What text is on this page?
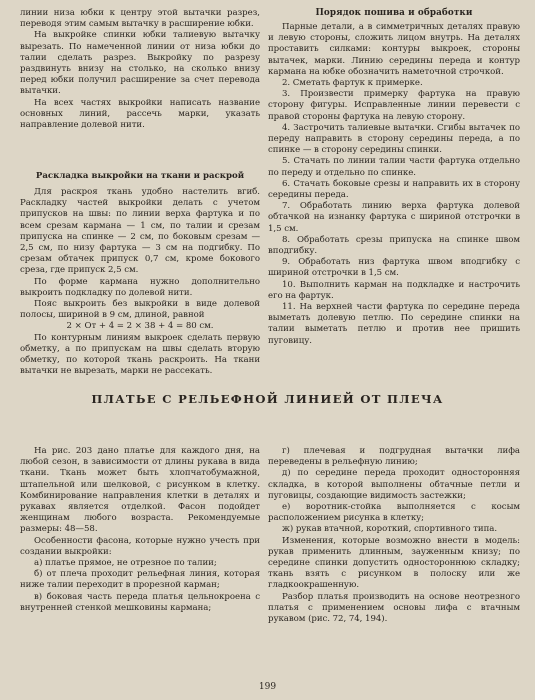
линии низа юбки к центру этой вытачки разрез, переводя этим самым вытачку в расширение юбки.

На выкройке спинки юбки талиевую вытачку вырезать. По намеченной линии от низа юбки до талии сделать разрез. Выкройку по разрезу раздвинуть внизу на столько, на сколько внизу перед юбки получил расширение за счет перевода вытачки.

На всех частях выкройки написать название основных линий, рассечь марки, указать направление долевой нити.

Раскладка выкройки на ткани и раскрой

Для раскроя ткань удобно настелить вгиб. Раскладку частей выкройки делать с учетом припусков на швы: по линии верха фартука и по всем срезам кармана — 1 см, по талии и срезам припуска на спинке — 2 см, по боковым срезам — 2,5 см, по низу фартука — 3 см на подгибку. По срезам обтачек припуск 0,7 см, кроме бокового среза, где припуск 2,5 см.

По форме кармана нужно дополнительно выкроить подкладку по долевой нити.

Пояс выкроить без выкройки в виде долевой полосы, шириной в 9 см, длиной, равной

2 × От + 4 = 2 × 38 + 4 = 80 см.

По контурным линиям выкроек сделать первую обметку, а по припускам на швы сделать вторую обметку, по которой ткань раскроить. На ткани вытачки не вырезать, марки не рассекать.

Порядок пошива и обработки

Парные детали, а в симметричных деталях правую и левую стороны, сложить лицом внутрь. На деталях проставить силками: контуры выкроек, стороны вытачек, марки. Линию середины переда и контур кармана на юбке обозначить наметочной строчкой.

2. Сметать фартук к примерке.

3. Произвести примерку фартука на правую сторону фигуры. Исправленные линии перевести с правой стороны фартука на левую сторону.

4. Застрочить талиевые вытачки. Сгибы вытачек по переду направить в сторону середины переда, а по спинке — в сторону середины спинки.

5. Стачать по линии талии части фартука отдельно по переду и отдельно по спинке.

6. Стачать боковые срезы и направить их в сторону середины переда.

7. Обработать линию верха фартука долевой обтачкой на изнанку фартука с шириной отстрочки в 1,5 см.

8. Обработать срезы припуска на спинке швом вподгибку.

9. Обработать низ фартука швом вподгибку с шириной отстрочки в 1,5 см.

10. Выполнить карман на подкладке и настрочить его на фартук.

11. На верхней части фартука по середине переда выметать долевую петлю. По середине спинки на талии выметать петлю и против нее пришить пуговицу.

ПЛАТЬЕ С РЕЛЬЕФНОЙ ЛИНИЕЙ ОТ ПЛЕЧА

На рис. 203 дано платье для каждого дня, на любой сезон, в зависимости от длины рукава в вида ткани. Ткань может быть хлопчатобумажной, штапельной или шелковой, с рисунком в клетку. Комбинирование направления клетки в деталях и рукавах является отделкой. Фасон подойдет женщинам любого возраста. Рекомендуемые размеры: 48—58.

Особенности фасона, которые нужно учесть при создании выкройки:

а) платье прямое, не отрезное по талии;

б) от плеча проходит рельефная линия, которая ниже талии переходит в прорезной карман;

в) боковая часть переда платья цельнокроена с внутренней стенкой мешковины кармана;

г) плечевая и подгрудная вытачки лифа переведены в рельефную линию;

д) по середине переда проходит односторонняя складка, в которой выполнены обтачные петли и пуговицы, создающие видимость застежки;

е) воротник-стойка выполняется с косым расположением рисунка в клетку;

ж) рукав втачной, короткий, спортивного типа.

Изменения, которые возможно внести в модель: рукав применить длинным, зауженным книзу; по середине спинки допустить одностороннюю складку; ткань взять с рисунком в полоску или же гладкоокрашенную.

Разбор платья производить на основе неотрезного платья с применением основы лифа с втачным рукавом (рис. 72, 74, 194).

199
